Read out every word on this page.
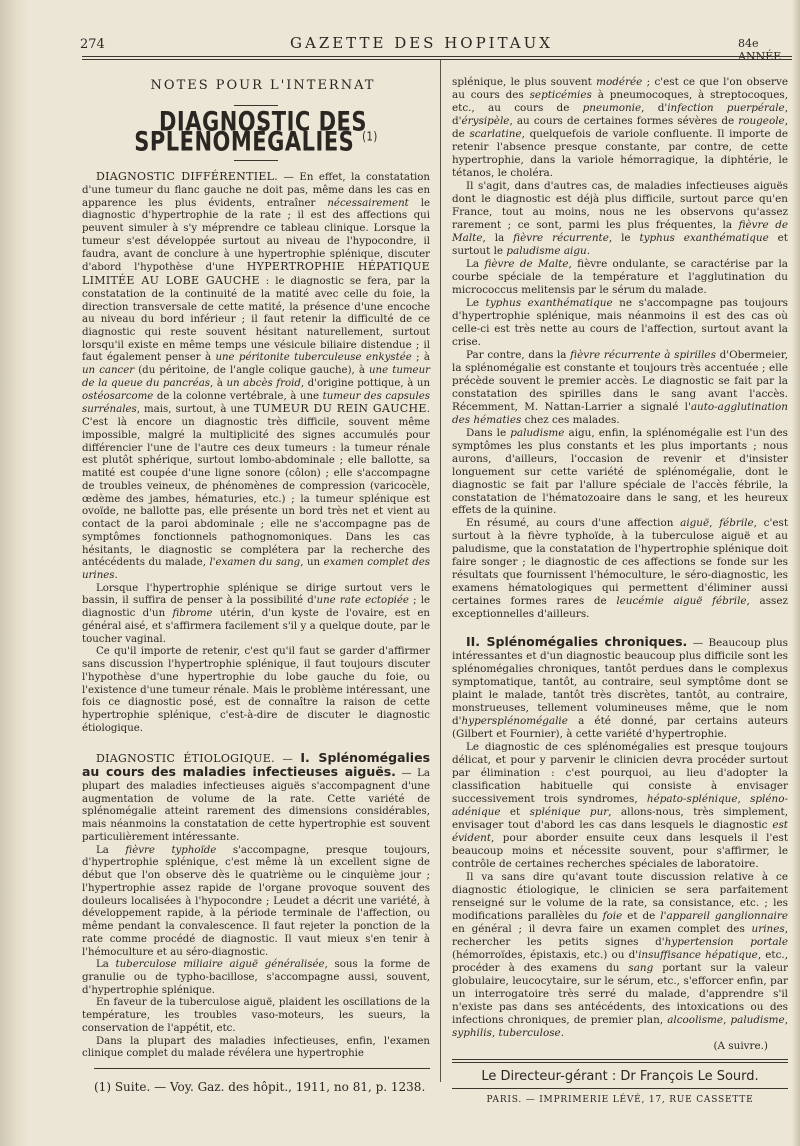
274	GAZETTE DES HOPITAUX	84e

NOTES POUR L'INTERNAT

DIAGNOSTIC DES SPLÉNOMÉGALIES $^{(1)}$

DIAGNOSTIC DIFFÉRENTIEL. — En effet, la constatation d'une tumeur du flanc gauche ne doit pas, même dans les cas en apparence les plus évidents, entraîner nécessairement le diagnostic d'hypertrophie de la rate ; il est des affections qui peuvent simuler à s'y méprendre ce tableau clinique. Lorsque la tumeur s'est développée surtout au niveau de l'hypocondre, il faudra, avant de conclure à une hypertrophie splénique, discuter d'abord l'hypothèse d'une HYPERTROPHIE HÉPATIQUE LIMITÉE AU LOBE GAUCHE : le diagnostic se fera, par la constatation de la continuité de la matité avec celle du foie, la direction transversale de cette matité, la présence d'une encoche au niveau du bord inférieur ; il faut retenir la difficulté de ce diagnostic qui reste souvent hésitant naturellement, surtout lorsqu'il existe en même temps une vésicule biliaire distendue ; il faut également penser à une péritonite tuberculeuse enkystée ; à un cancer (du péritoine, de l'angle colique gauche), à une tumeur de la queue du pancréas, à un abcès froid, d'origine pottique, à un ostéosarcome de la colonne vertébrale, à une tumeur des capsules surrénales, mais, surtout, à une TUMEUR DU REIN GAUCHE. C'est là encore un diagnostic très difficile, souvent même impossible, malgré la multiplicité des signes accumulés pour différencier l'une de l'autre ces deux tumeurs : la tumeur rénale est plutôt sphérique, surtout lombo-abdominale ; elle ballotte, sa matité est coupée d'une ligne sonore (côlon) ; elle s'accompagne de troubles veineux, de phénomènes de compression (varicocèle, œdème des jambes, hématuries, etc.) ; la tumeur splénique est ovoïde, ne ballotte pas, elle présente un bord très net et vient au contact de la paroi abdominale ; elle ne s'accompagne pas de symptômes fonctionnels pathognomoniques. Dans les cas hésitants, le diagnostic se complétera par la recherche des antécédents du malade, l'examen du sang, un examen complet des urines.

Lorsque l'hypertrophie splénique se dirige surtout vers le bassin, il suffira de penser à la possibilité d'une rate ectopiée ; le diagnostic d'un fibrome utérin, d'un kyste de l'ovaire, est en général aisé, et s'affirmera facilement s'il y a quelque doute, par le toucher vaginal.

Ce qu'il importe de retenir, c'est qu'il faut se garder d'affirmer sans discussion l'hypertrophie splénique, il faut toujours discuter l'hypothèse d'une hypertrophie du lobe gauche du foie, ou l'existence d'une tumeur rénale. Mais le problème intéressant, une fois ce diagnostic posé, est de connaître la raison de cette hypertrophie splénique, c'est-à-dire de discuter le diagnostic étiologique.

DIAGNOSTIC ÉTIOLOGIQUE. — I. Splénomégalies au cours des maladies infectieuses aiguës. — La plupart des maladies infectieuses aiguës s'accompagnent d'une augmentation de volume de la rate. Cette variété de splénomégalie atteint rarement des dimensions considérables, mais néanmoins la constatation de cette hypertrophie est souvent particulièrement intéressante.

La fièvre typhoïde s'accompagne, presque toujours, d'hypertrophie splénique, c'est même là un excellent signe de début que l'on observe dès le quatrième ou le cinquième jour ; l'hypertrophie assez rapide de l'organe provoque souvent des douleurs localisées à l'hypocondre ; Leudet a décrit une variété, à développement rapide, à la période terminale de l'affection, ou même pendant la convalescence. Il faut rejeter la ponction de la rate comme procédé de diagnostic. Il vaut mieux s'en tenir à l'hémoculture et au séro-diagnostic.

La tuberculose miliaire aiguë généralisée, sous la forme de granulie ou de typho-bacillose, s'accompagne aussi, souvent, d'hypertrophie splénique.

En faveur de la tuberculose aiguë, plaident les oscillations de la température, les troubles vaso-moteurs, les sueurs, la conservation de l'appétit, etc.

Dans la plupart des maladies infectieuses, enfin, l'examen clinique complet du malade révélera une hypertrophie

splénique, le plus souvent modérée ; c'est ce que l'on observe au cours des septicémies à pneumocoques, à streptocoques, etc., au cours de pneumonie, d'infection puerpérale, d'érysipèle, au cours de certaines formes sévères de rougeole, de scarlatine, quelquefois de variole confluente. Il importe de retenir l'absence presque constante, par contre, de cette hypertrophie, dans la variole hémorragique, la diphtérie, le tétanos, le choléra.

Il s'agit, dans d'autres cas, de maladies infectieuses aiguës dont le diagnostic est déjà plus difficile, surtout parce qu'en France, tout au moins, nous ne les observons qu'assez rarement ; ce sont, parmi les plus fréquentes, la fièvre de Malte, la fièvre récurrente, le typhus exanthématique et surtout le paludisme aigu.

La fièvre de Malte, fièvre ondulante, se caractérise par la courbe spéciale de la température et l'agglutination du micrococcus melitensis par le sérum du malade.

Le typhus exanthématique ne s'accompagne pas toujours d'hypertrophie splénique, mais néanmoins il est des cas où celle-ci est très nette au cours de l'affection, surtout avant la crise.

Par contre, dans la fièvre récurrente à spirilles d'Obermeier, la splénomégalie est constante et toujours très accentuée ; elle précède souvent le premier accès. Le diagnostic se fait par la constatation des spirilles dans le sang avant l'accès. Récemment, M. Nattan-Larrier a signalé l'auto-agglutination des hématies chez ces malades.

Dans le paludisme aigu, enfin, la splénomégalie est l'un des symptômes les plus constants et les plus importants ; nous aurons, d'ailleurs, l'occasion de revenir et d'insister longuement sur cette variété de splénomégalie, dont le diagnostic se fait par l'allure spéciale de l'accès fébrile, la constatation de l'hématozoaire dans le sang, et les heureux effets de la quinine.

En résumé, au cours d'une affection aiguë, fébrile, c'est surtout à la fièvre typhoïde, à la tuberculose aiguë et au paludisme, que la constatation de l'hypertrophie splénique doit faire songer ; le diagnostic de ces affections se fonde sur les résultats que fournissent l'hémoculture, le séro-diagnostic, les examens hématologiques qui permettent d'éliminer aussi certaines formes rares de leucémie aiguë fébrile, assez exceptionnelles d'ailleurs.

II. Splénomégalies chroniques. — Beaucoup plus intéressantes et d'un diagnostic beaucoup plus difficile sont les splénomégalies chroniques, tantôt perdues dans le complexus symptomatique, tantôt, au contraire, seul symptôme dont se plaint le malade, tantôt très discrètes, tantôt, au contraire, monstrueuses, tellement volumineuses même, que le nom d'hypersplénomégalie a été donné, par certains auteurs (Gilbert et Fournier), à cette variété d'hypertrophie.

Le diagnostic de ces splénomégalies est presque toujours délicat, et pour y parvenir le clinicien devra procéder surtout par élimination : c'est pourquoi, au lieu d'adopter la classification habituelle qui consiste à envisager successivement trois syndromes, hépato-splénique, spléno-adénique et splénique pur, allons-nous, très simplement, envisager tout d'abord les cas dans lesquels le diagnostic est évident, pour aborder ensuite ceux dans lesquels il l'est beaucoup moins et nécessite souvent, pour s'affirmer, le contrôle de certaines recherches spéciales de laboratoire.

Il va sans dire qu'avant toute discussion relative à ce diagnostic étiologique, le clinicien se sera parfaitement renseigné sur le volume de la rate, sa consistance, etc. ; les modifications parallèles du foie et de l'appareil ganglionnaire en général ; il devra faire un examen complet des urines, rechercher les petits signes d'hypertension portale (hémorroïdes, épistaxis, etc.) ou d'insuffisance hépatique, etc., procéder à des examens du sang portant sur la valeur globulaire, leucocytaire, sur le sérum, etc., s'efforcer enfin, par un interrogatoire très serré du malade, d'apprendre s'il n'existe pas dans ses antécédents, des intoxications ou des infections chroniques, de premier plan, alcoolisme, paludisme, syphilis, tuberculose.

(A suivre.)

(1) Suite. — Voy. Gaz. des hôpit., 1911, no 81, p. 1238.
Le Directeur-gérant : Dr François Le Sourd.
PARIS. — IMPRIMERIE LÉVÉ, 17, RUE CASSETTE
